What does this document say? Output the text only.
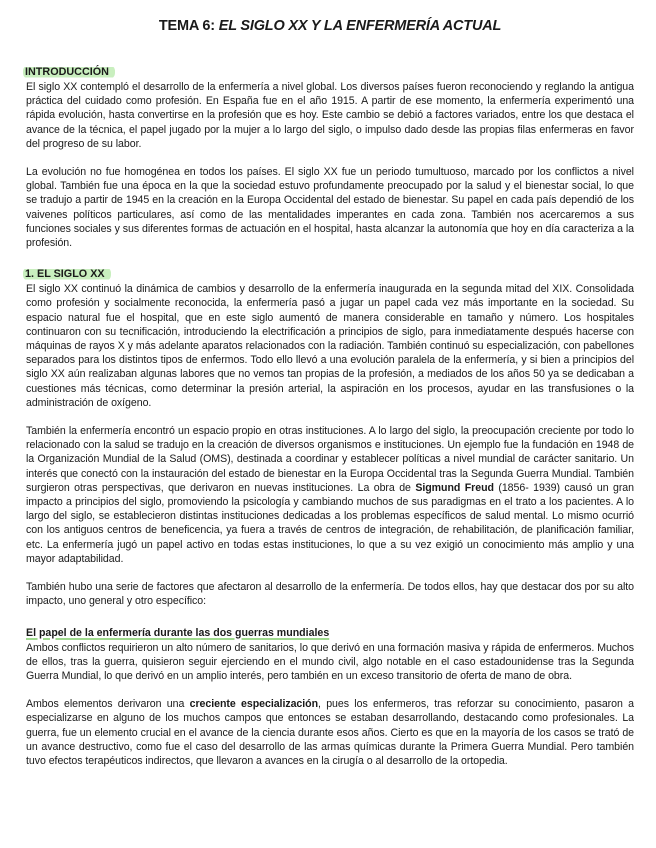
TEMA 6: EL SIGLO XX Y LA ENFERMERÍA ACTUAL
INTRODUCCIÓN

El siglo XX contempló el desarrollo de la enfermería a nivel global. Los diversos países fueron reconociendo y reglando la antigua práctica del cuidado como profesión. En España fue en el año 1915. A partir de ese momento, la enfermería experimentó una rápida evolución, hasta convertirse en la profesión que es hoy. Este cambio se debió a factores variados, entre los que destaca el avance de la técnica, el papel jugado por la mujer a lo largo del siglo, o impulso dado desde las propias filas enfermeras en favor del progreso de su labor.

La evolución no fue homogénea en todos los países. El siglo XX fue un periodo tumultuoso, marcado por los conflictos a nivel global. También fue una época en la que la sociedad estuvo profundamente preocupado por la salud y el bienestar social, lo que se tradujo a partir de 1945 en la creación en la Europa Occidental del estado de bienestar. Su papel en cada país dependió de los vaivenes políticos particulares, así como de las mentalidades imperantes en cada zona. También nos acercaremos a sus funciones sociales y sus diferentes formas de actuación en el hospital, hasta alcanzar la autonomía que hoy en día caracteriza a la profesión.

1. EL SIGLO XX

El siglo XX continuó la dinámica de cambios y desarrollo de la enfermería inaugurada en la segunda mitad del XIX. Consolidada como profesión y socialmente reconocida, la enfermería pasó a jugar un papel cada vez más importante en la sociedad. Su espacio natural fue el hospital, que en este siglo aumentó de manera considerable en tamaño y número. Los hospitales continuaron con su tecnificación, introduciendo la electrificación a principios de siglo, para inmediatamente después hacerse con máquinas de rayos X y más adelante aparatos relacionados con la radiación. También continuó su especialización, con pabellones separados para los distintos tipos de enfermos. Todo ello llevó a una evolución paralela de la enfermería, y si bien a principios del siglo XX aún realizaban algunas labores que no vemos tan propias de la profesión, a mediados de los años 50 ya se dedicaban a cuestiones más técnicas, como determinar la presión arterial, la aspiración en los procesos, ayudar en las transfusiones o la administración de oxígeno.

También la enfermería encontró un espacio propio en otras instituciones. A lo largo del siglo, la preocupación creciente por todo lo relacionado con la salud se tradujo en la creación de diversos organismos e instituciones. Un ejemplo fue la fundación en 1948 de la Organización Mundial de la Salud (OMS), destinada a coordinar y establecer políticas a nivel mundial de carácter sanitario. Un interés que conectó con la instauración del estado de bienestar en la Europa Occidental tras la Segunda Guerra Mundial. También surgieron otras perspectivas, que derivaron en nuevas instituciones. La obra de Sigmund Freud (1856- 1939) causó un gran impacto a principios del siglo, promoviendo la psicología y cambiando muchos de sus paradigmas en el trato a los pacientes. A lo largo del siglo, se establecieron distintas instituciones dedicadas a los problemas específicos de salud mental. Lo mismo ocurrió con los antiguos centros de beneficencia, ya fuera a través de centros de integración, de rehabilitación, de planificación familiar, etc. La enfermería jugó un papel activo en todas estas instituciones, lo que a su vez exigió un conocimiento más amplio y una mayor adaptabilidad.

También hubo una serie de factores que afectaron al desarrollo de la enfermería. De todos ellos, hay que destacar dos por su alto impacto, uno general y otro específico:

El papel de la enfermería durante las dos guerras mundiales

Ambos conflictos requirieron un alto número de sanitarios, lo que derivó en una formación masiva y rápida de enfermeros. Muchos de ellos, tras la guerra, quisieron seguir ejerciendo en el mundo civil, algo notable en el caso estadounidense tras la Segunda Guerra Mundial, lo que derivó en un amplio interés, pero también en un exceso transitorio de oferta de mano de obra.

Ambos elementos derivaron una creciente especialización, pues los enfermeros, tras reforzar su conocimiento, pasaron a especializarse en alguno de los muchos campos que entonces se estaban desarrollando, destacando como profesionales. La guerra, fue un elemento crucial en el avance de la ciencia durante esos años. Cierto es que en la mayoría de los casos se trató de un avance destructivo, como fue el caso del desarrollo de las armas químicas durante la Primera Guerra Mundial. Pero también tuvo efectos terapéuticos indirectos, que llevaron a avances en la cirugía o al desarrollo de la ortopedia.
